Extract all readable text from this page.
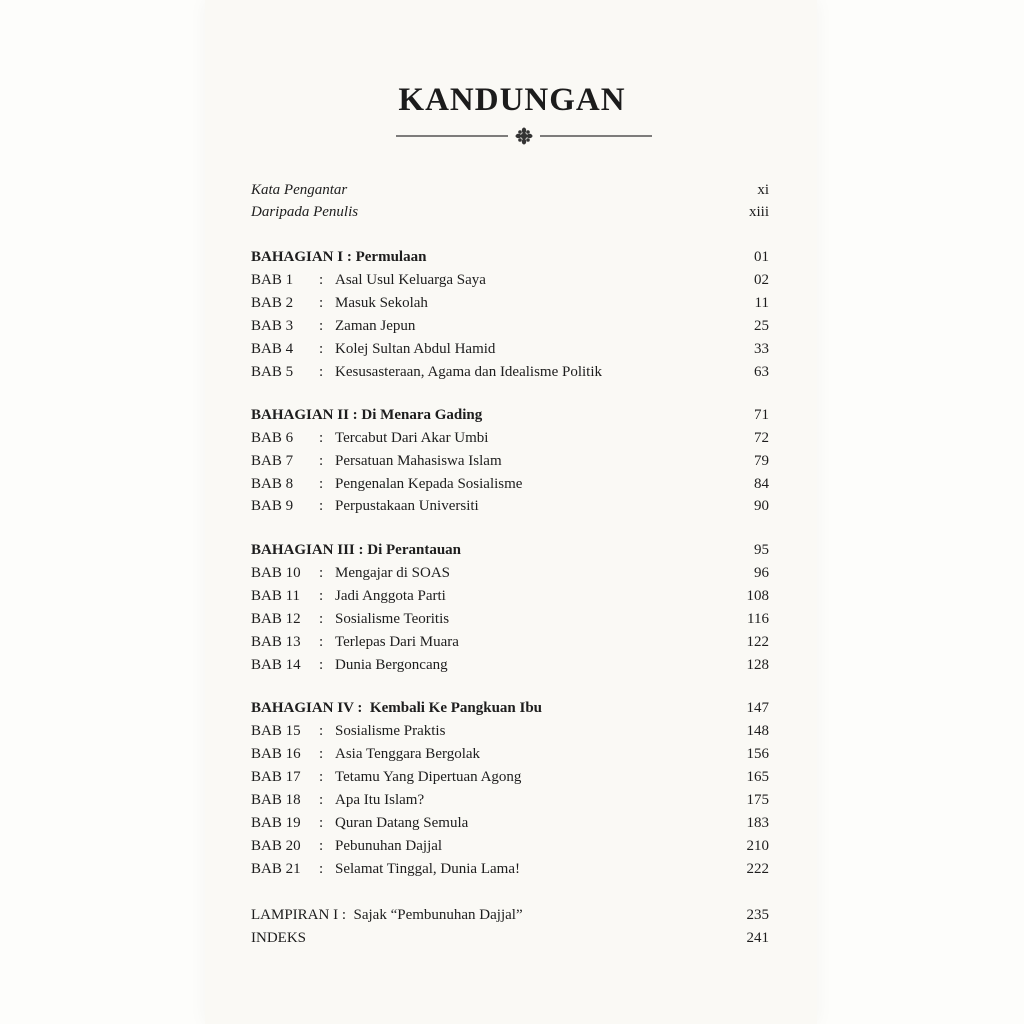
KANDUNGAN
Kata Pengantar	xi
Daripada Penulis	xiii
BAHAGIAN I : Permulaan	01
BAB 1 : Asal Usul Keluarga Saya	02
BAB 2 : Masuk Sekolah	11
BAB 3 : Zaman Jepun	25
BAB 4 : Kolej Sultan Abdul Hamid	33
BAB 5 : Kesusasteraan, Agama dan Idealisme Politik	63
BAHAGIAN II : Di Menara Gading	71
BAB 6 : Tercabut Dari Akar Umbi	72
BAB 7 : Persatuan Mahasiswa Islam	79
BAB 8 : Pengenalan Kepada Sosialisme	84
BAB 9 : Perpustakaan Universiti	90
BAHAGIAN III : Di Perantauan	95
BAB 10 : Mengajar di SOAS	96
BAB 11 : Jadi Anggota Parti	108
BAB 12 : Sosialisme Teoritis	116
BAB 13 : Terlepas Dari Muara	122
BAB 14 : Dunia Bergoncang	128
BAHAGIAN IV :  Kembali Ke Pangkuan Ibu	147
BAB 15 : Sosialisme Praktis	148
BAB 16 : Asia Tenggara Bergolak	156
BAB 17 : Tetamu Yang Dipertuan Agong	165
BAB 18 : Apa Itu Islam?	175
BAB 19 : Quran Datang Semula	183
BAB 20 : Pebunuhan Dajjal	210
BAB 21 : Selamat Tinggal, Dunia Lama!	222
LAMPIRAN I :  Sajak “Pembunuhan Dajjal”	235
INDEKS	241
